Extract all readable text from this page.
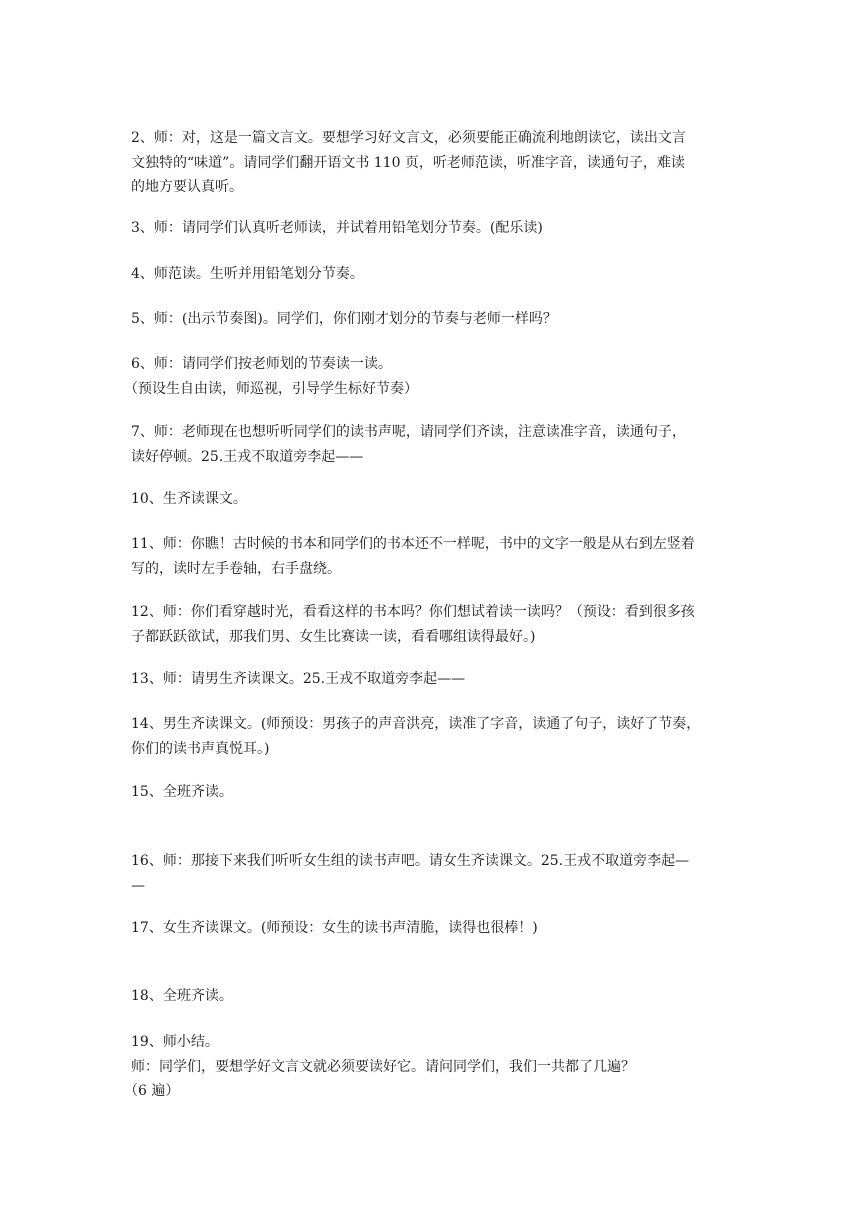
2、师：对，这是一篇文言文。要想学习好文言文，必须要能正确流利地朗读它，读出文言
文独特的“味道”。请同学们翻开语文书 110 页，听老师范读，听准字音，读通句子，难读
的地方要认真听。
3、师：请同学们认真听老师读，并试着用铅笔划分节奏。(配乐读)
4、师范读。生听并用铅笔划分节奏。
5、师：(出示节奏图)。同学们，你们刚才划分的节奏与老师一样吗？
6、师：请同学们按老师划的节奏读一读。
（预设生自由读，师巡视，引导学生标好节奏）
7、师：老师现在也想听听同学们的读书声呢，请同学们齐读，注意读准字音，读通句子，
读好停顿。25.王戎不取道旁李起——
10、生齐读课文。
11、师：你瞧！古时候的书本和同学们的书本还不一样呢，书中的文字一般是从右到左竖着
写的，读时左手卷轴，右手盘绕。
12、师：你们看穿越时光，看看这样的书本吗？你们想试着读一读吗？（预设：看到很多孩
子都跃跃欲试，那我们男、女生比赛读一读，看看哪组读得最好。)
13、师：请男生齐读课文。25.王戎不取道旁李起——
14、男生齐读课文。(师预设：男孩子的声音洪亮，读准了字音，读通了句子，读好了节奏，
你们的读书声真悦耳。)
15、全班齐读。
16、师：那接下来我们听听女生组的读书声吧。请女生齐读课文。25.王戎不取道旁李起—
—
17、女生齐读课文。(师预设：女生的读书声清脆，读得也很棒！)
18、全班齐读。
19、师小结。
师：同学们，要想学好文言文就必须要读好它。请问同学们，我们一共都了几遍？
（6 遍）
